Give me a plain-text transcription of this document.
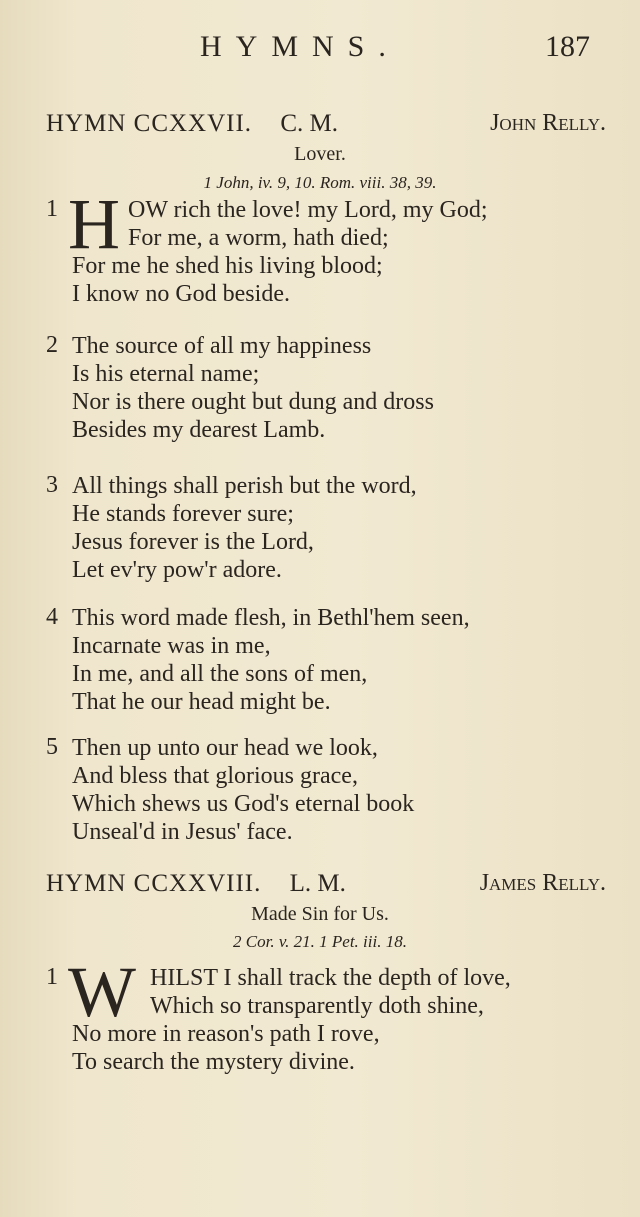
HYMNS.	187
HYMN CCXXVII. C. M.	John Relly.
Lover.
1 John, iv. 9, 10. Rom. viii. 38, 39.
1 H OW rich the love! my Lord, my God;
For me, a worm, hath died;
For me he shed his living blood;
I know no God beside.
2 The source of all my happiness
Is his eternal name;
Nor is there ought but dung and dross
Besides my dearest Lamb.
3 All things shall perish but the word,
He stands forever sure;
Jesus forever is the Lord,
Let ev'ry pow'r adore.
4 This word made flesh, in Bethl'hem seen,
Incarnate was in me,
In me, and all the sons of men,
That he our head might be.
5 Then up unto our head we look,
And bless that glorious grace,
Which shews us God's eternal book
Unseal'd in Jesus' face.
HYMN CCXXVIII. L. M.	James Relly.
Made Sin for Us.
2 Cor. v. 21. 1 Pet. iii. 18.
1 W HILST I shall track the depth of love,
Which so transparently doth shine,
No more in reason's path I rove,
To search the mystery divine.
